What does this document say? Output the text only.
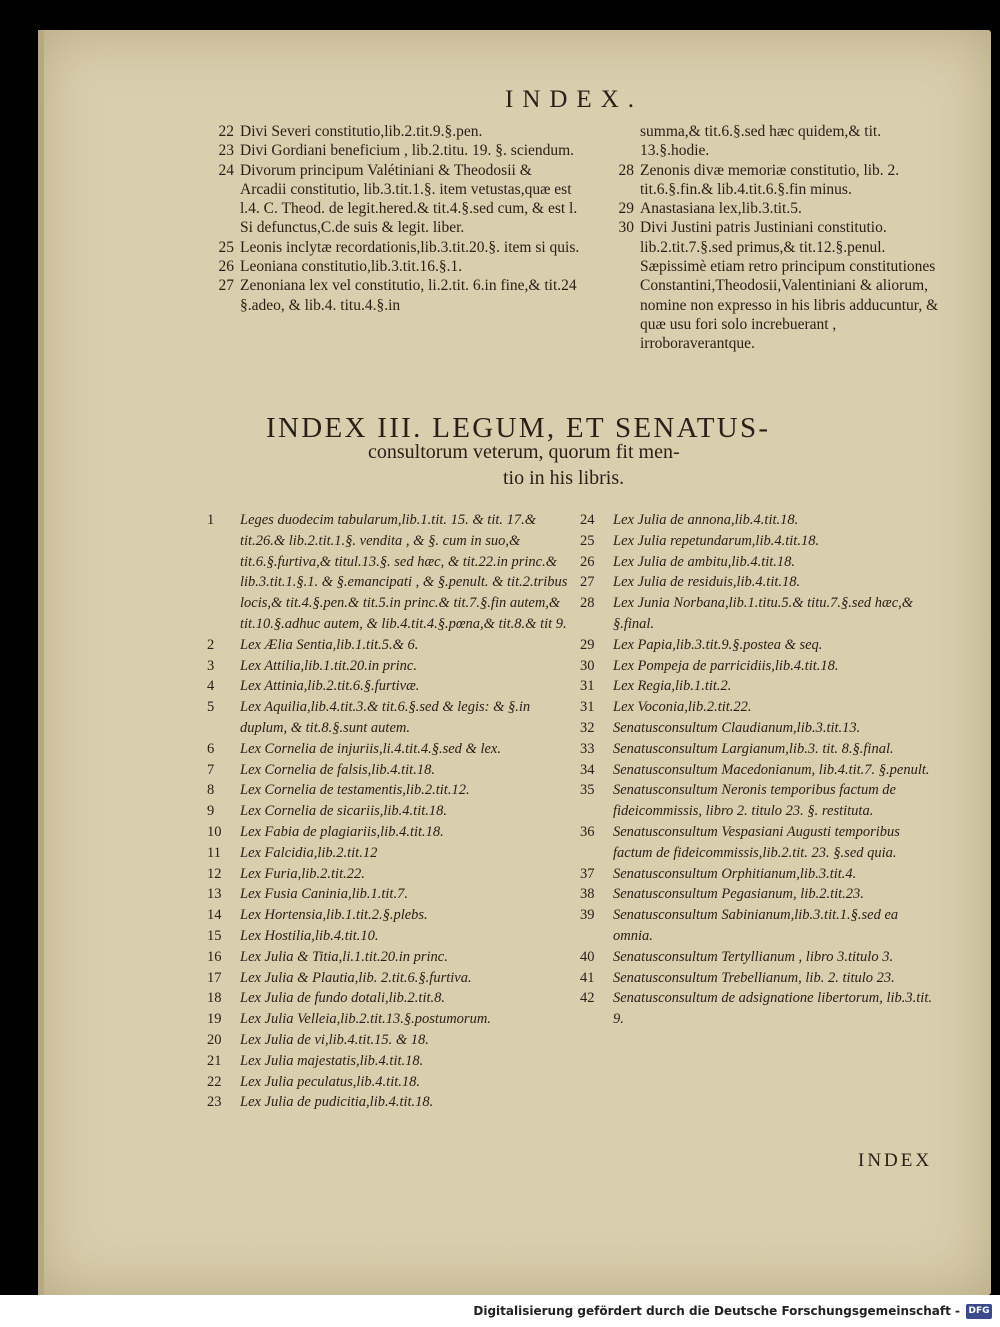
INDEX.
22 Divi Severi constitutio,lib.2.tit.9.§.pen.
23 Divi Gordiani beneficium , lib.2.titu. 19. §. sciendum.
24 Divorum principum Valétiniani & Theodosii & Arcadii constitutio, lib.3.tit.1.§. item vetustas,quæ est l.4. C. Theod. de legit.hered.& tit.4.§.sed cum, & est l. Si defunctus,C.de suis & legit. liber.
25 Leonis inclytæ recordationis,lib.3.tit.20.§. item si quis.
26 Leoniana constitutio,lib.3.tit.16.§.1.
27 Zenoniana lex vel constitutio, li.2.tit. 6.in fine,& tit.24 §.adeo, & lib.4. titu.4.§.in
summa,& tit.6.§.sed hæc quidem,& tit. 13.§.hodie.
28 Zenonis divæ memoriæ constitutio, lib. 2. tit.6.§.fin.& lib.4.tit.6.§.fin minus.
29 Anastasiana lex,lib.3.tit.5.
30 Divi Justini patris Justiniani constitutio. lib.2.tit.7.§.sed primus,& tit.12.§.penul. Sæpissimè etiam retro principum constitutiones Constantini,Theodosii,Valentiniani & aliorum, nomine non expresso in his libris adducuntur, & quæ usu fori solo increbuerant , irroboraverantque.
INDEX III. LEGUM, ET SENATUS-
consultorum veterum, quorum fit men-
tio in his libris.
1	Leges duodecim tabularum,lib.1.tit. 15. & tit. 17.& tit.26.& lib.2.tit.1.§. vendita , & §. cum in suo,& tit.6.§.furtiva,& titul.13.§. sed hæc, & tit.22.in princ.& lib.3.tit.1.§.1. & §.emancipati , & §.penult. & tit.2.tribus locis,& tit.4.§.pen.& tit.5.in princ.& tit.7.§.fin autem,& tit.10.§.adhuc autem, & lib.4.tit.4.§.pœna,& tit.8.& tit 9.
2	Lex Ælia Sentia,lib.1.tit.5.& 6.
3	Lex Attilia,lib.1.tit.20.in princ.
4	Lex Attinia,lib.2.tit.6.§.furtivæ.
5	Lex Aquilia,lib.4.tit.3.& tit.6.§.sed & legis: & §.in duplum, & tit.8.§.sunt autem.
6	Lex Cornelia de injuriis,li.4.tit.4.§.sed & lex.
7	Lex Cornelia de falsis,lib.4.tit.18.
8	Lex Cornelia de testamentis,lib.2.tit.12.
9	Lex Cornelia de sicariis,lib.4.tit.18.
10	Lex Fabia de plagiariis,lib.4.tit.18.
11	Lex Falcidia,lib.2.tit.12
12	Lex Furia,lib.2.tit.22.
13	Lex Fusia Caninia,lib.1.tit.7.
14	Lex Hortensia,lib.1.tit.2.§.plebs.
15	Lex Hostilia,lib.4.tit.10.
16	Lex Julia & Titia,li.1.tit.20.in princ.
17	Lex Julia & Plautia,lib. 2.tit.6.§.furtiva.
18	Lex Julia de fundo dotali,lib.2.tit.8.
19	Lex Julia Velleia,lib.2.tit.13.§.postumorum.
20	Lex Julia de vi,lib.4.tit.15. & 18.
21	Lex Julia majestatis,lib.4.tit.18.
22	Lex Julia peculatus,lib.4.tit.18.
23	Lex Julia de pudicitia,lib.4.tit.18.
24	Lex Julia de annona,lib.4.tit.18.
25	Lex Julia repetundarum,lib.4.tit.18.
26	Lex Julia de ambitu,lib.4.tit.18.
27	Lex Julia de residuis,lib.4.tit.18.
28	Lex Junia Norbana,lib.1.titu.5.& titu.7.§.sed hæc,& §.final.
29	Lex Papia,lib.3.tit.9.§.postea & seq.
30	Lex Pompeja de parricidiis,lib.4.tit.18.
31	Lex Regia,lib.1.tit.2.
31	Lex Voconia,lib.2.tit.22.
32	Senatusconsultum Claudianum,lib.3.tit.13.
33	Senatusconsultum Largianum,lib.3. tit. 8.§.final.
34	Senatusconsultum Macedonianum, lib.4.tit.7. §.penult.
35	Senatusconsultum Neronis temporibus factum de fideicommissis, libro 2. titulo 23. §. restituta.
36	Senatusconsultum Vespasiani Augusti temporibus factum de fideicommissis,lib.2.tit. 23. §.sed quia.
37	Senatusconsultum Orphitianum,lib.3.tit.4.
38	Senatusconsultum Pegasianum, lib.2.tit.23.
39	Senatusconsultum Sabinianum,lib.3.tit.1.§.sed ea omnia.
40	Senatusconsultum Tertyllianum , libro 3.titulo 3.
41	Senatusconsultum Trebellianum, lib. 2. titulo 23.
42	Senatusconsultum de adsignatione libertorum, lib.3.tit. 9.
INDEX
Digitalisierung gefördert durch die Deutsche Forschungsgemeinschaft - DFG
